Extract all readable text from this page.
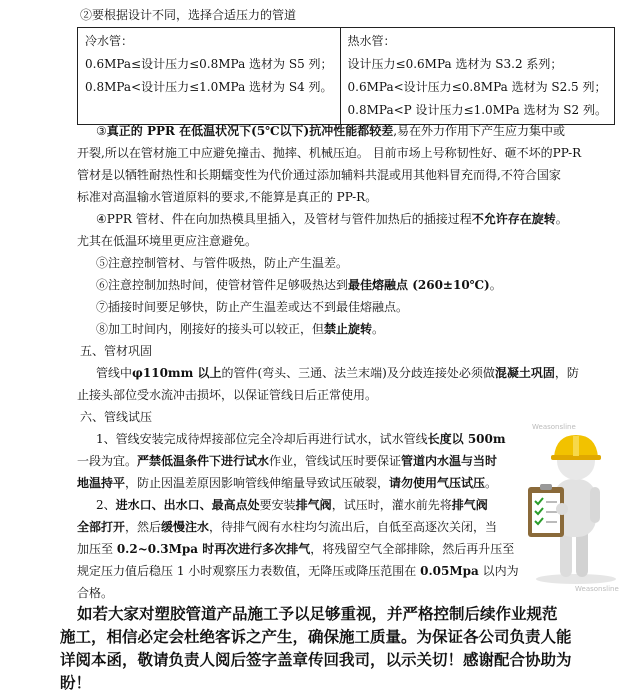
②要根据设计不同，选择合适压力的管道
冷水管：
0.6MPa≤设计压力≤0.8MPa 选材为 S5 列；
0.8MPa<设计压力≤1.0MPa 选材为 S4 列。

热水管：
设计压力≤0.6MPa 选材为 S3.2 系列；
0.6MPa<设计压力≤0.8MPa 选材为 S2.5 列；
0.8MPa<P 设计压力≤1.0MPa 选材为 S2 列。
③真正的 PPR 在低温状况下(5℃以下)抗冲性能都较差,易在外力作用下产生应力集中或
开裂,所以在管材施工中应避免撞击、抛摔、机械压迫。 目前市场上号称韧性好、砸不坏的PP-R
管材是以牺牲耐热性和长期蠕变性为代价通过添加辅料共混或用其他料冒充而得,不符合国家
标准对高温输水管道原料的要求,不能算是真正的 PP-R。
④PPR 管材、件在向加热模具里插入，及管材与管件加热后的插接过程不允许存在旋转。
尤其在低温环境里更应注意避免。
⑤注意控制管材、与管件吸热，防止产生温差。
⑥注意控制加热时间，使管材管件足够吸热达到最佳熔融点 (260±10℃)。
⑦插接时间要足够快，防止产生温差或达不到最佳熔融点。
⑧加工时间内，刚接好的接头可以较正，但禁止旋转。
五、管材巩固
管线中φ110mm 以上的管件(弯头、三通、法兰末端)及分歧连接处必须做混凝土巩固，防
止接头部位受水流冲击损坏，以保证管线日后正常使用。
六、管线试压
1、管线安装完成待焊接部位完全冷却后再进行试水，试水管线长度以 500m
一段为宜。严禁低温条件下进行试水作业，管线试压时要保证管道内水温与当时
地温持平，防止因温差原因影响管线伸缩量导致试压破裂，请勿使用气压试压。
2、进水口、出水口、最高点处要安装排气阀，试压时，灌水前先将排气阀
全部打开，然后缓慢注水，待排气阀有水柱均匀流出后，自低至高逐次关闭，当
加压至 0.2~0.3Mpa 时再次进行多次排气，将残留空气全部排除，然后再升压至
规定压力值后稳压 1 小时观察压力表数值，无降压或降压范围在 0.05Mpa 以内为
合格。
Weasonsline
Weasonsline
如若大家对塑胶管道产品施工予以足够重视，并严格控制后续作业规范
施工，相信必定会杜绝客诉之产生，确保施工质量。为保证各公司负责人能
详阅本函，敬请负责人阅后签字盖章传回我司，以示关切！感谢配合协助为
盼！
